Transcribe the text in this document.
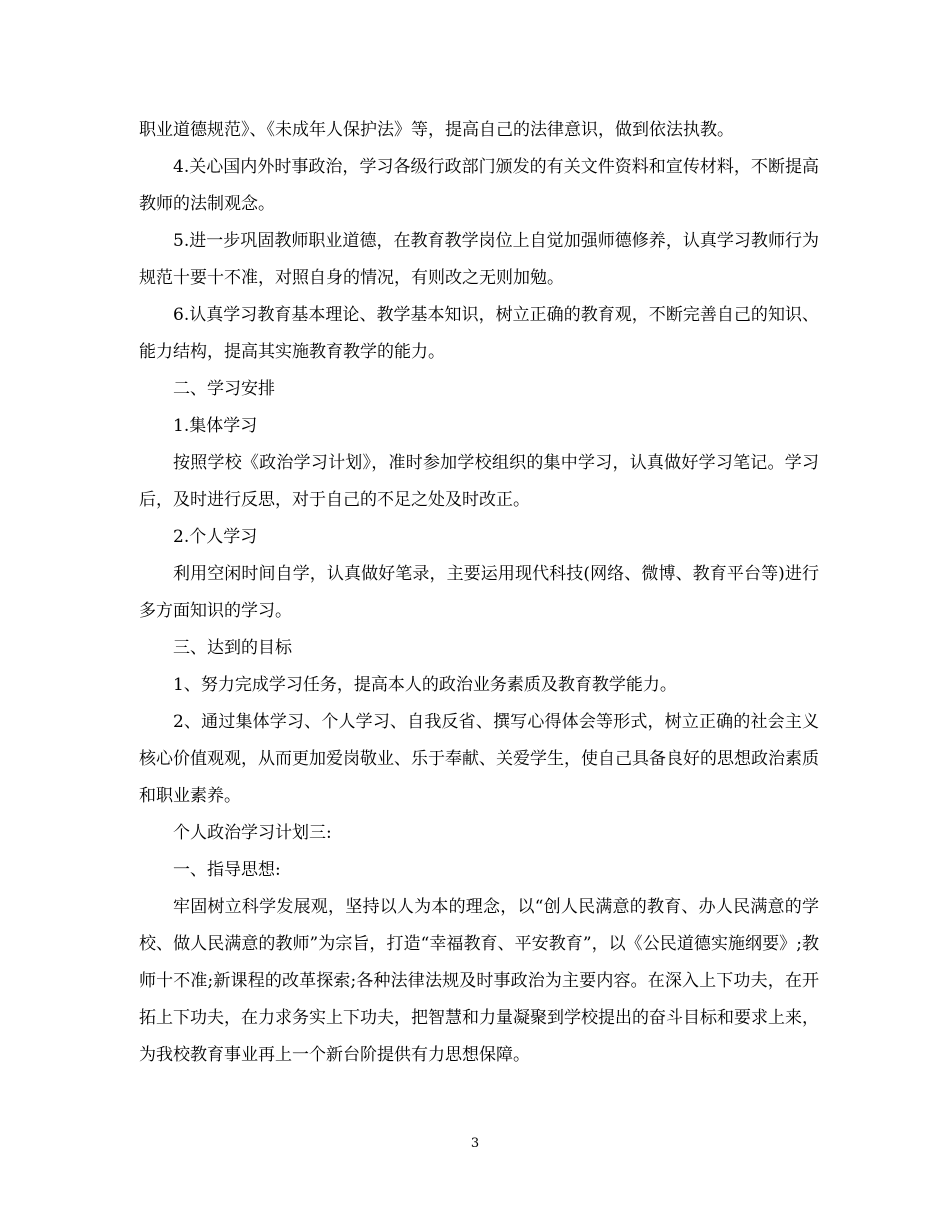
职业道德规范》、《未成年人保护法》等，提高自己的法律意识，做到依法执教。

4.关心国内外时事政治，学习各级行政部门颁发的有关文件资料和宣传材料，不断提高教师的法制观念。

5.进一步巩固教师职业道德，在教育教学岗位上自觉加强师德修养，认真学习教师行为规范十要十不准，对照自身的情况，有则改之无则加勉。

6.认真学习教育基本理论、教学基本知识，树立正确的教育观，不断完善自己的知识、能力结构，提高其实施教育教学的能力。

二、学习安排

1.集体学习

按照学校《政治学习计划》，准时参加学校组织的集中学习，认真做好学习笔记。学习后，及时进行反思，对于自己的不足之处及时改正。

2.个人学习

利用空闲时间自学，认真做好笔录，主要运用现代科技(网络、微博、教育平台等)进行多方面知识的学习。

三、达到的目标

1、努力完成学习任务，提高本人的政治业务素质及教育教学能力。

2、通过集体学习、个人学习、自我反省、撰写心得体会等形式，树立正确的社会主义核心价值观观，从而更加爱岗敬业、乐于奉献、关爱学生，使自己具备良好的思想政治素质和职业素养。

个人政治学习计划三:

一、指导思想:

牢固树立科学发展观，坚持以人为本的理念，以“创人民满意的教育、办人民满意的学校、做人民满意的教师”为宗旨，打造“幸福教育、平安教育”，以《公民道德实施纲要》;教师十不准;新课程的改革探索;各种法律法规及时事政治为主要内容。在深入上下功夫，在开拓上下功夫，在力求务实上下功夫，把智慧和力量凝聚到学校提出的奋斗目标和要求上来，为我校教育事业再上一个新台阶提供有力思想保障。

3
